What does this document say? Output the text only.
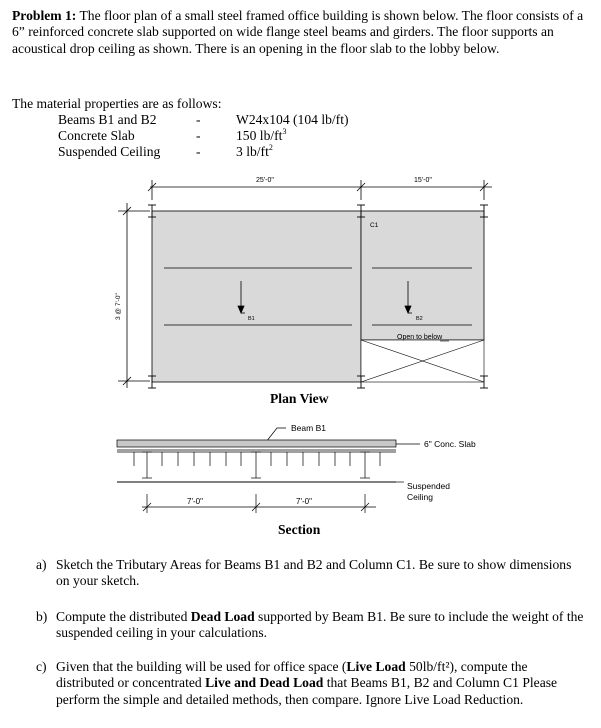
Problem 1: The floor plan of a small steel framed office building is shown below. The floor consists of a 6” reinforced concrete slab supported on wide flange steel beams and girders. The floor supports an acoustical drop ceiling as shown. There is an opening in the floor slab to the lobby below.
The material properties are as follows:
Beams B1 and B2	-	W24x104 (104 lb/ft)
Concrete Slab	-	150 $lb/ft^3$
Suspended Ceiling	-	3 $lb/ft^2$
25'-0"	15'-0"
3 @ 7'-0"
C1
B1	B2
Open to below
Plan View
Beam B1
6" Conc. Slab
Suspended
Ceiling
7'-0"	7'-0"
Section
a) Sketch the Tributary Areas for Beams B1 and B2 and Column C1. Be sure to show dimensions on your sketch.
b) Compute the distributed Dead Load supported by Beam B1. Be sure to include the weight of the suspended ceiling in your calculations.
c) Given that the building will be used for office space (Live Load 50lb/ft²), compute the distributed or concentrated Live and Dead Load that Beams B1, B2 and Column C1 Please perform the simple and detailed methods, then compare. Ignore Live Load Reduction.
